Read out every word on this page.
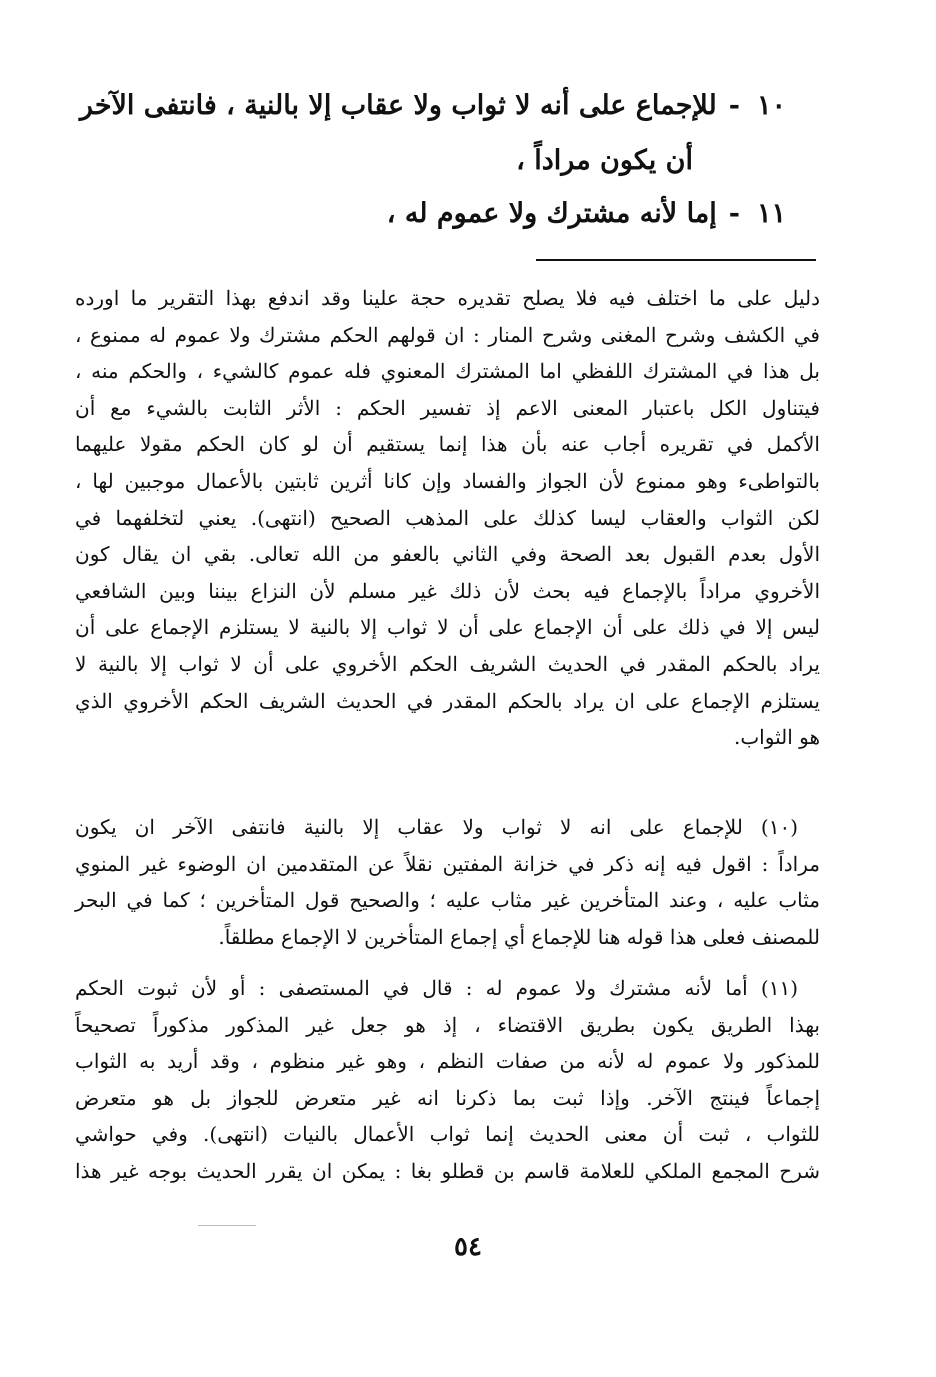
١٠-للإجماع على أنه لا ثواب ولا عقاب إلا بالنية ، فانتفى الآخر
أن يكون مراداً ،
١١-إما لأنه مشترك ولا عموم له ،
دليل على ما اختلف فيه فلا يصلح تقديره حجة علينا وقد اندفع بهذا التقرير ما اورده
في الكشف وشرح المغنى وشرح المنار : ان قولهم الحكم مشترك ولا عموم له ممنوع ،
بل هذا في المشترك اللفظي اما المشترك المعنوي فله عموم كالشيء ، والحكم منه ،
فيتناول الكل باعتبار المعنى الاعم إذ تفسير الحكم : الأثر الثابت بالشيء مع أن
الأكمل في تقريره أجاب عنه بأن هذا إنما يستقيم أن لو كان الحكم مقولا عليهما
بالتواطىء وهو ممنوع لأن الجواز والفساد وإن كانا أثرين ثابتين بالأعمال موجبين لها ،
لكن الثواب والعقاب ليسا كذلك على المذهب الصحيح (انتهى). يعني لتخلفهما في
الأول بعدم القبول بعد الصحة وفي الثاني بالعفو من الله تعالى. بقي ان يقال كون
الأخروي مراداً بالإجماع فيه بحث لأن ذلك غير مسلم لأن النزاع بيننا وبين الشافعي
ليس إلا في ذلك على أن الإجماع على أن لا ثواب إلا بالنية لا يستلزم الإجماع على أن
يراد بالحكم المقدر في الحديث الشريف الحكم الأخروي على أن لا ثواب إلا بالنية لا
يستلزم الإجماع على ان يراد بالحكم المقدر في الحديث الشريف الحكم الأخروي الذي
هو الثواب.
(١٠) للإجماع على انه لا ثواب ولا عقاب إلا بالنية فانتفى الآخر ان يكون
مراداً : اقول فيه إنه ذكر في خزانة المفتين نقلاً عن المتقدمين ان الوضوء غير المنوي
مثاب عليه ، وعند المتأخرين غير مثاب عليه ؛ والصحيح قول المتأخرين ؛ كما في البحر
للمصنف فعلى هذا قوله هنا للإجماع أي إجماع المتأخرين لا الإجماع مطلقاً.
(١١) أما لأنه مشترك ولا عموم له : قال في المستصفى : أو لأن ثبوت الحكم
بهذا الطريق يكون بطريق الاقتضاء ، إذ هو جعل غير المذكور مذكوراً تصحيحاً
للمذكور ولا عموم له لأنه من صفات النظم ، وهو غير منظوم ، وقد أريد به الثواب
إجماعاً فينتج الآخر. وإذا ثبت بما ذكرنا انه غير متعرض للجواز بل هو متعرض
للثواب ، ثبت أن معنى الحديث إنما ثواب الأعمال بالنيات (انتهى). وفي حواشي
شرح المجمع الملكي للعلامة قاسم بن قطلو بغا : يمكن ان يقرر الحديث بوجه غير هذا
٥٤
